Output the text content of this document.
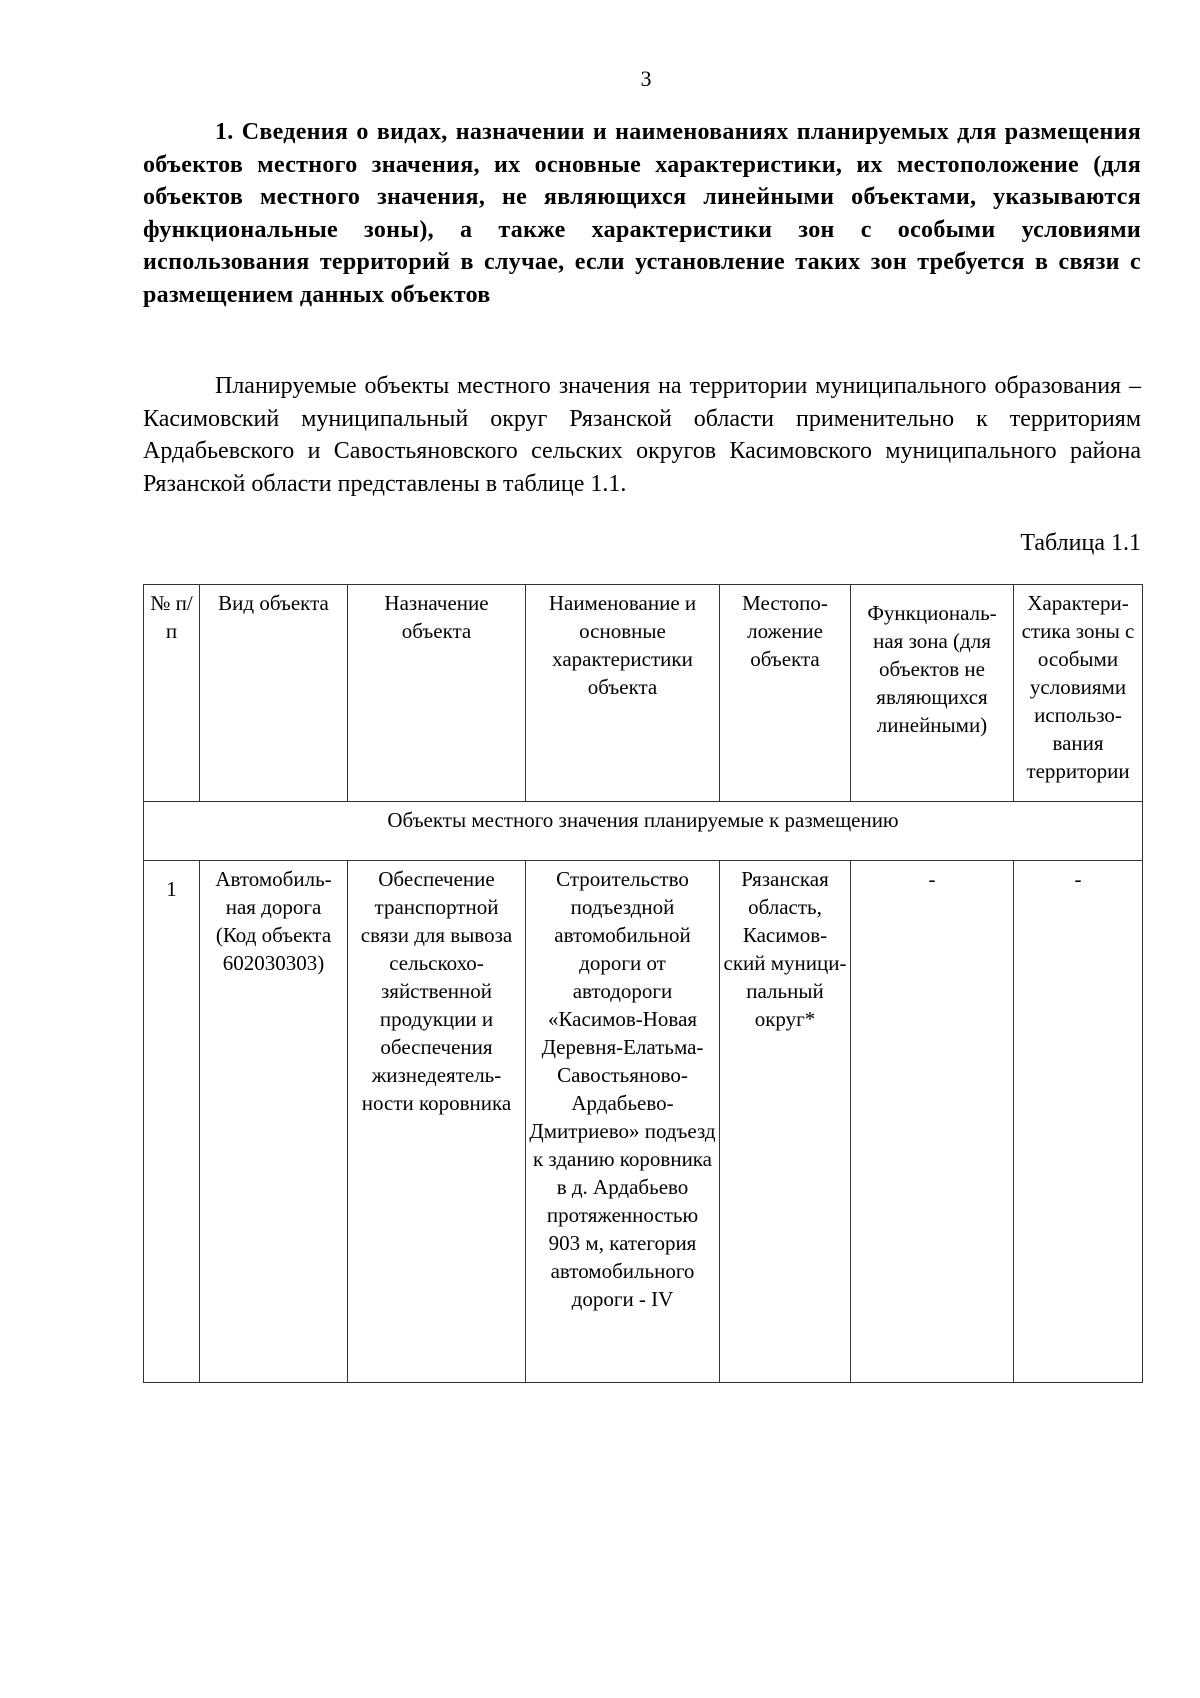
3
1. Сведения о видах, назначении и наименованиях планируемых для размещения объектов местного значения, их основные характеристики, их местоположение (для объектов местного значения, не являющихся линейными объектами, указываются функциональные зоны), а также характеристики зон с особыми условиями использования территорий в случае, если установление таких зон требуется в связи с размещением данных объектов
Планируемые объекты местного значения на территории муниципального образования – Касимовский муниципальный округ Рязанской области применительно к территориям Ардабьевского и Савостьяновского сельских округов Касимовского муниципального района Рязанской области представлены в таблице 1.1.
Таблица 1.1
№ п/п	Вид объекта	Назначение объекта	Наименование и основные характеристики объекта	Местопо-ложение объекта	Функциональ-ная зона (для объектов не являющихся линейными)	Характери-стика зоны с особыми условиями использо-вания территории
Объекты местного значения планируемые к размещению						
1	Автомобиль-ная дорога (Код объекта 602030303)	Обеспечение транспортной связи для вывоза сельскохо-зяйственной продукции и обеспечения жизнедеятель-ности коровника	Строительство подъездной автомобильной дороги от автодороги «Касимов-Новая Деревня-Елатьма-Савостьяново-Ардабьево-Дмитриево» подъезд к зданию коровника в д. Ардабьево протяженностью 903 м, категория автомобильного дороги - IV	Рязанская область, Касимов-ский муници-пальный округ*	-	-
